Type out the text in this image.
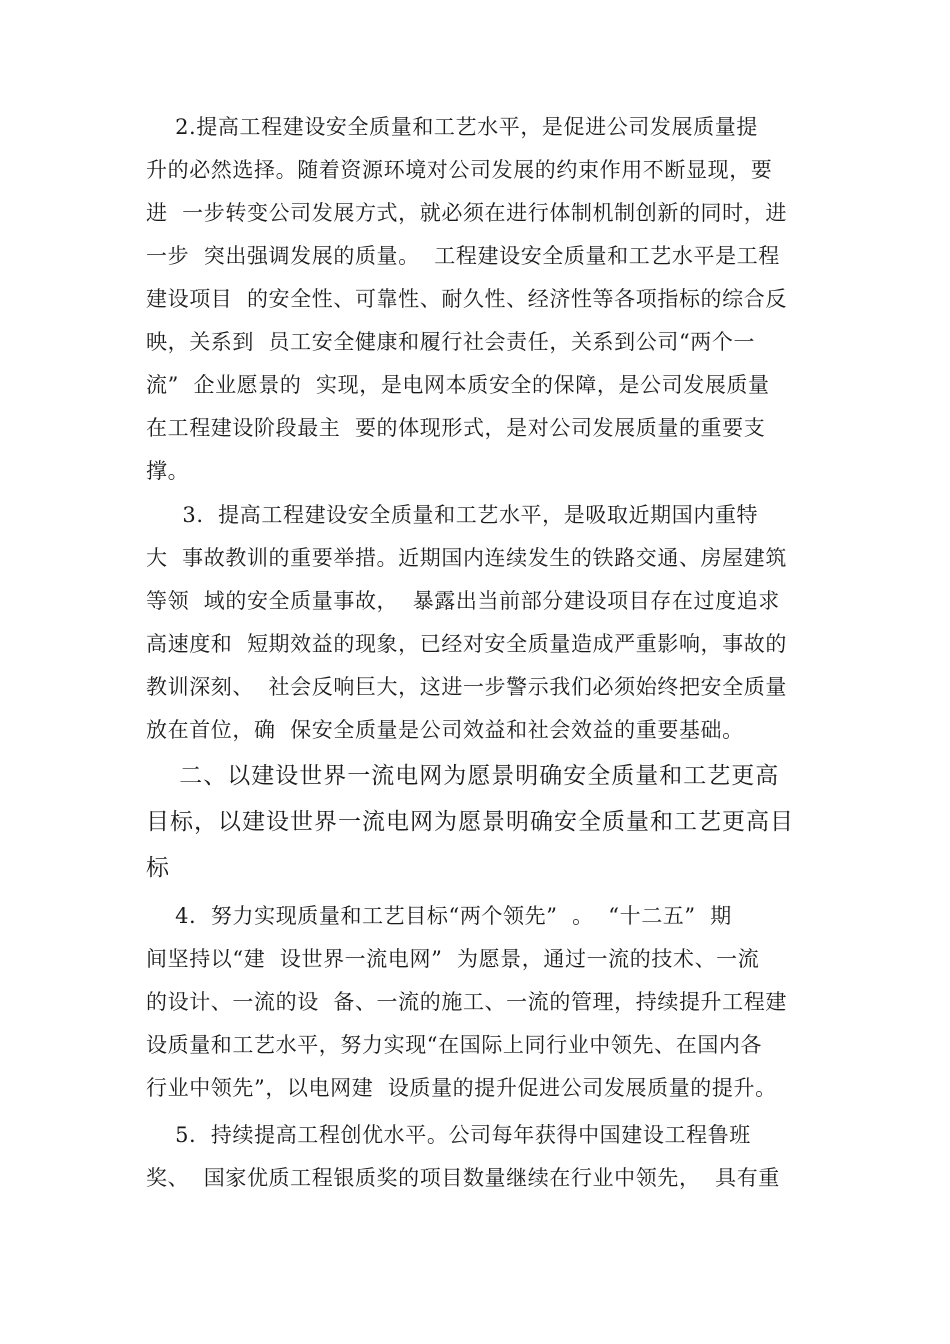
2.提高工程建设安全质量和工艺水平，是促进公司发展质量提
升的必然选择。随着资源环境对公司发展的约束作用不断显现，要
进  一步转变公司发展方式，就必须在进行体制机制创新的同时，进
一步  突出强调发展的质量。  工程建设安全质量和工艺水平是工程
建设项目  的安全性、可靠性、耐久性、经济性等各项指标的综合反
映，关系到  员工安全健康和履行社会责任，关系到公司“两个一
流”  企业愿景的  实现，是电网本质安全的保障，是公司发展质量
在工程建设阶段最主  要的体现形式，是对公司发展质量的重要支
撑。
3.  提高工程建设安全质量和工艺水平，是吸取近期国内重特
大  事故教训的重要举措。近期国内连续发生的铁路交通、房屋建筑
等领  域的安全质量事故，  暴露出当前部分建设项目存在过度追求
高速度和  短期效益的现象，已经对安全质量造成严重影响，事故的
教训深刻、  社会反响巨大，这进一步警示我们必须始终把安全质量
放在首位，确  保安全质量是公司效益和社会效益的重要基础。
二、以建设世界一流电网为愿景明确安全质量和工艺更高
目标，以建设世界一流电网为愿景明确安全质量和工艺更高目
标
4.  努力实现质量和工艺目标“两个领先”  。  “十二五”  期
间坚持以“建  设世界一流电网”  为愿景，通过一流的技术、一流
的设计、一流的设  备、一流的施工、一流的管理，持续提升工程建
设质量和工艺水平，努力实现“在国际上同行业中领先、在国内各
行业中领先”，以电网建  设质量的提升促进公司发展质量的提升。
5.  持续提高工程创优水平。公司每年获得中国建设工程鲁班
奖、  国家优质工程银质奖的项目数量继续在行业中领先，  具有重
